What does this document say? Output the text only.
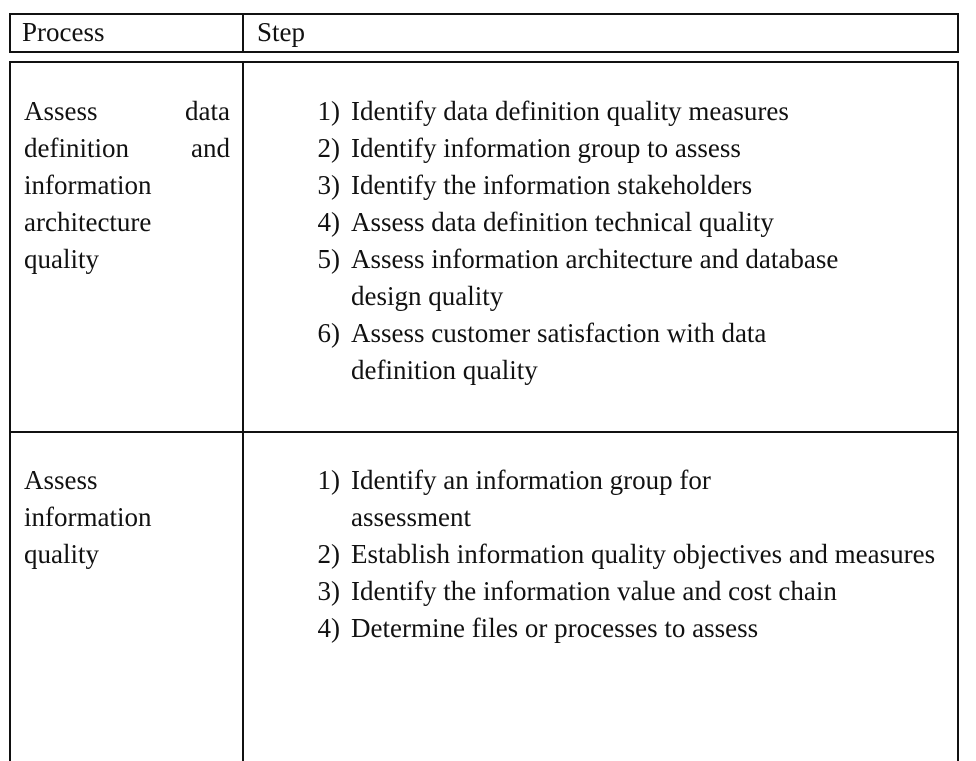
Process	Step
Assess data definition and information architecture quality
1) Identify data definition quality measures
2) Identify information group to assess
3) Identify the information stakeholders
4) Assess data definition technical quality
5) Assess information architecture and database design quality
6) Assess customer satisfaction with data definition quality
Assess information quality
1) Identify an information group for assessment
2) Establish information quality objectives and measures
3) Identify the information value and cost chain
4) Determine files or processes to assess
